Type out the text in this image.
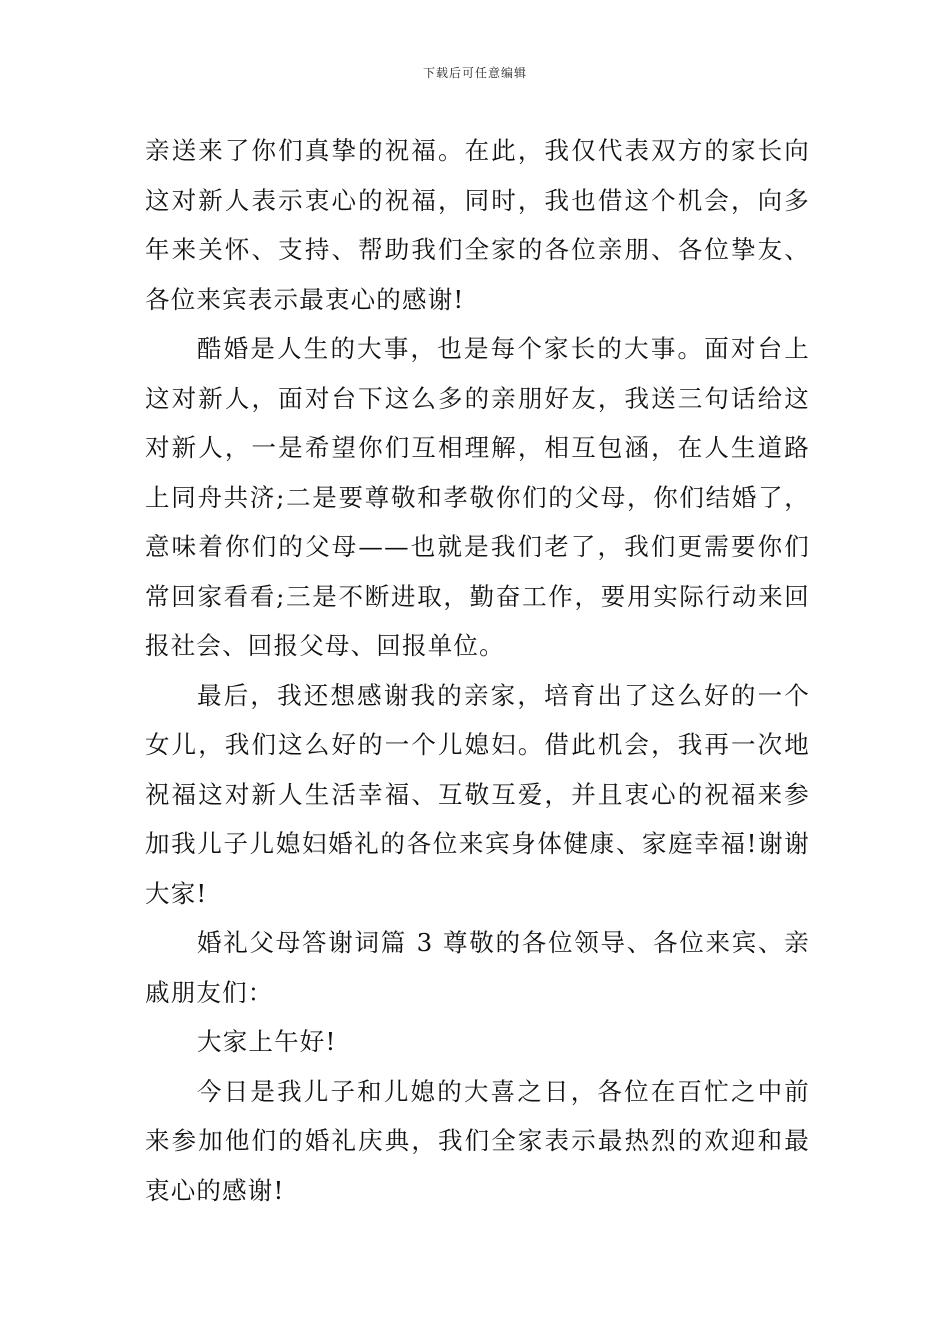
下载后可任意编辑

亲送来了你们真挚的祝福。在此，我仅代表双方的家长向这对新人表示衷心的祝福，同时，我也借这个机会，向多年来关怀、支持、帮助我们全家的各位亲朋、各位挚友、各位来宾表示最衷心的感谢!

酷婚是人生的大事，也是每个家长的大事。面对台上这对新人，面对台下这么多的亲朋好友，我送三句话给这对新人，一是希望你们互相理解，相互包涵，在人生道路上同舟共济;二是要尊敬和孝敬你们的父母，你们结婚了，意味着你们的父母——也就是我们老了，我们更需要你们常回家看看;三是不断进取，勤奋工作，要用实际行动来回报社会、回报父母、回报单位。

最后，我还想感谢我的亲家，培育出了这么好的一个女儿，我们这么好的一个儿媳妇。借此机会，我再一次地祝福这对新人生活幸福、互敬互爱，并且衷心的祝福来参加我儿子儿媳妇婚礼的各位来宾身体健康、家庭幸福!谢谢大家!

婚礼父母答谢词篇 3 尊敬的各位领导、各位来宾、亲戚朋友们：

大家上午好!

今日是我儿子和儿媳的大喜之日，各位在百忙之中前来参加他们的婚礼庆典，我们全家表示最热烈的欢迎和最衷心的感谢!
